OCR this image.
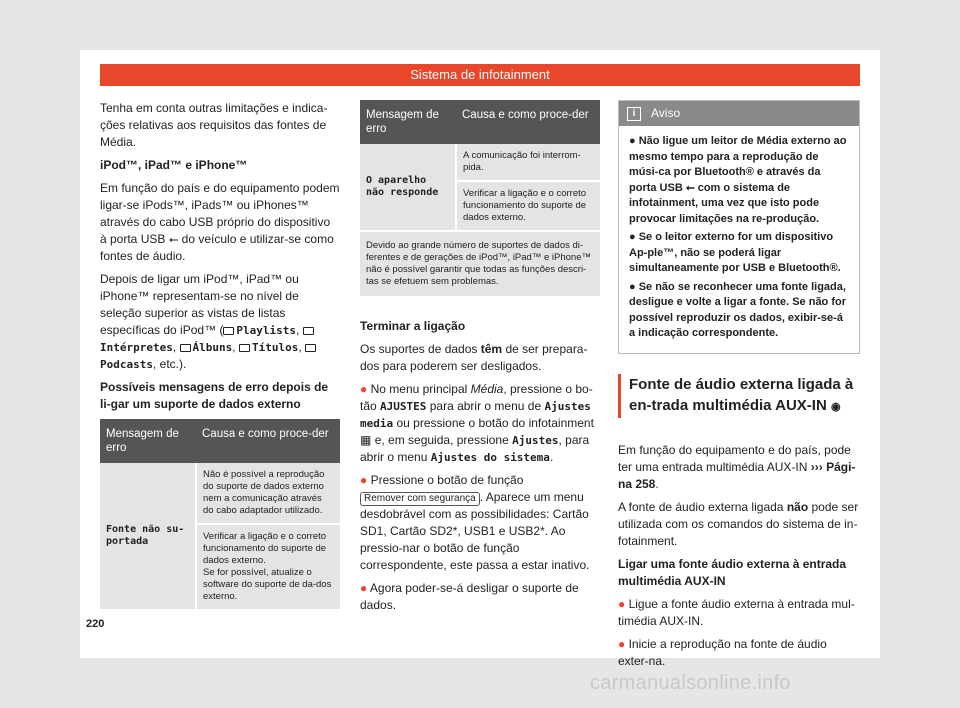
Sistema de infotainment

Tenha em conta outras limitações e indica-ções relativas aos requisitos das fontes de Média.

iPod™, iPad™ e iPhone™

Em função do país e do equipamento podem ligar-se iPods™, iPads™ ou iPhones™ através do cabo USB próprio do dispositivo à porta USB ⭠ do veículo e utilizar-se como fontes de áudio.

Depois de ligar um iPod™, iPad™ ou iPhone™ representam-se no nível de seleção superior as vistas de listas específicas do iPod™ ( Playlists, Intérpretes, Álbuns, Títulos, Podcasts, etc.).

Possíveis mensagens de erro depois de li-gar um suporte de dados externo

Mensagem de erro	Causa e como proce-der
Fonte não su-portada	Não é possível a reprodução do suporte de dados externo nem a comunicação através do cabo adaptador utilizado.
	Verificar a ligação e o correto funcionamento do suporte de dados externo.
Se for possível, atualize o software do suporte de da-dos externo.
Mensagem de erro	Causa e como proce-der
O aparelho não responde	A comunicação foi interrom-pida.
	Verificar a ligação e o correto funcionamento do suporte de dados externo.
Devido ao grande número de suportes de dados di-ferentes e de gerações de iPod™, iPad™ e iPhone™ não é possível garantir que todas as funções descri-tas se efetuem sem problemas.	

Terminar a ligação

Os suportes de dados têm de ser prepara-dos para poderem ser desligados.

● No menu principal Média, pressione o bo-tão AJUSTES para abrir o menu de Ajustes media ou pressione o botão do infotainment ▦ e, em seguida, pressione Ajustes, para abrir o menu Ajustes do sistema.

● Pressione o botão de função Remover com segurança . Aparece um menu desdobrável com as possibilidades: Cartão SD1, Cartão SD2*, USB1 e USB2*. Ao pressio-nar o botão de função correspondente, este passa a estar inativo.

● Agora poder-se-á desligar o suporte de dados.

i	Aviso

● Não ligue um leitor de Média externo ao mesmo tempo para a reprodução de músi-ca por Bluetooth® e através da porta USB ⭠ com o sistema de infotainment, uma vez que isto pode provocar limitações na re-produção.

● Se o leitor externo for um dispositivo Ap-ple™, não se poderá ligar simultaneamente por USB e Bluetooth®.

● Se não se reconhecer uma fonte ligada, desligue e volte a ligar a fonte. Se não for possível reproduzir os dados, exibir-se-á a indicação correspondente.

Fonte de áudio externa ligada à en-trada multimédia AUX-IN ◉

Em função do equipamento e do país, pode ter uma entrada multimédia AUX-IN ››› Pági-na 258.

A fonte de áudio externa ligada não pode ser utilizada com os comandos do sistema de in-fotainment.

Ligar uma fonte áudio externa à entrada multimédia AUX-IN

● Ligue a fonte áudio externa à entrada mul-timédia AUX-IN.

● Inicie a reprodução na fonte de áudio exter-na.

220
carmanualsonline.info
